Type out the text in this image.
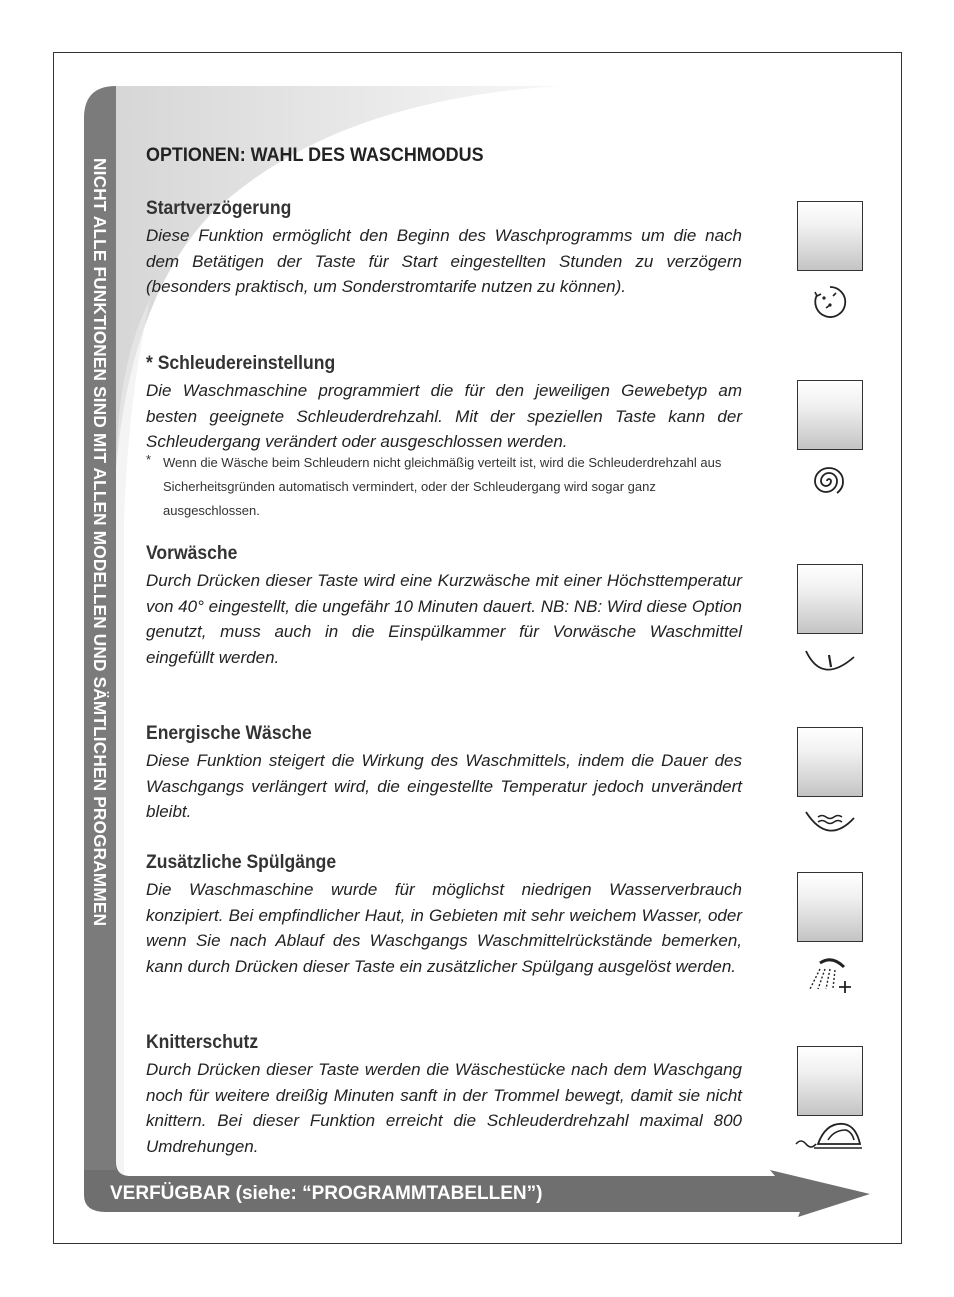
NICHT ALLE FUNKTIONEN SIND MIT ALLEN MODELLEN UND SÄMTLICHEN PROGRAMMEN
VERFÜGBAR (siehe: “PROGRAMMTABELLEN”)
OPTIONEN: WAHL DES WASCHMODUS
Startverzögerung
Diese Funktion ermöglicht den Beginn des Waschprogramms um die nach dem Betätigen der Taste für Start eingestellten Stunden zu verzögern (besonders praktisch, um Sonderstromtarife nutzen zu können).
* Schleudereinstellung
Die Waschmaschine programmiert die für den jeweiligen Gewebetyp am besten geeignete Schleuderdrehzahl. Mit der speziellen Taste kann der Schleudergang verändert oder ausgeschlossen werden.
* Wenn die Wäsche beim Schleudern nicht gleichmäßig verteilt ist, wird die Schleuderdrehzahl aus Sicherheitsgründen automatisch vermindert, oder der Schleudergang wird sogar ganz ausgeschlossen.
Vorwäsche
Durch Drücken dieser Taste wird eine Kurzwäsche mit einer Höchsttemperatur von 40° eingestellt, die ungefähr 10 Minuten dauert. NB: NB: Wird diese Option genutzt, muss auch in die Einspülkammer für Vorwäsche Waschmittel eingefüllt werden.
Energische Wäsche
Diese Funktion steigert die Wirkung des Waschmittels, indem die Dauer des Waschgangs verlängert wird, die eingestellte Temperatur jedoch unverändert bleibt.
Zusätzliche Spülgänge
Die Waschmaschine wurde für möglichst niedrigen Wasserverbrauch konzipiert. Bei empfindlicher Haut, in Gebieten mit sehr weichem Wasser, oder wenn Sie nach Ablauf des Waschgangs Waschmittelrückstände bemerken, kann durch Drücken dieser Taste ein zusätzlicher Spülgang ausgelöst werden.
Knitterschutz
Durch Drücken dieser Taste werden die Wäschestücke nach dem Waschgang noch für weitere dreißig Minuten sanft in der Trommel bewegt, damit sie nicht knittern. Bei dieser Funktion erreicht die Schleuderdrehzahl maximal 800 Umdrehungen.
